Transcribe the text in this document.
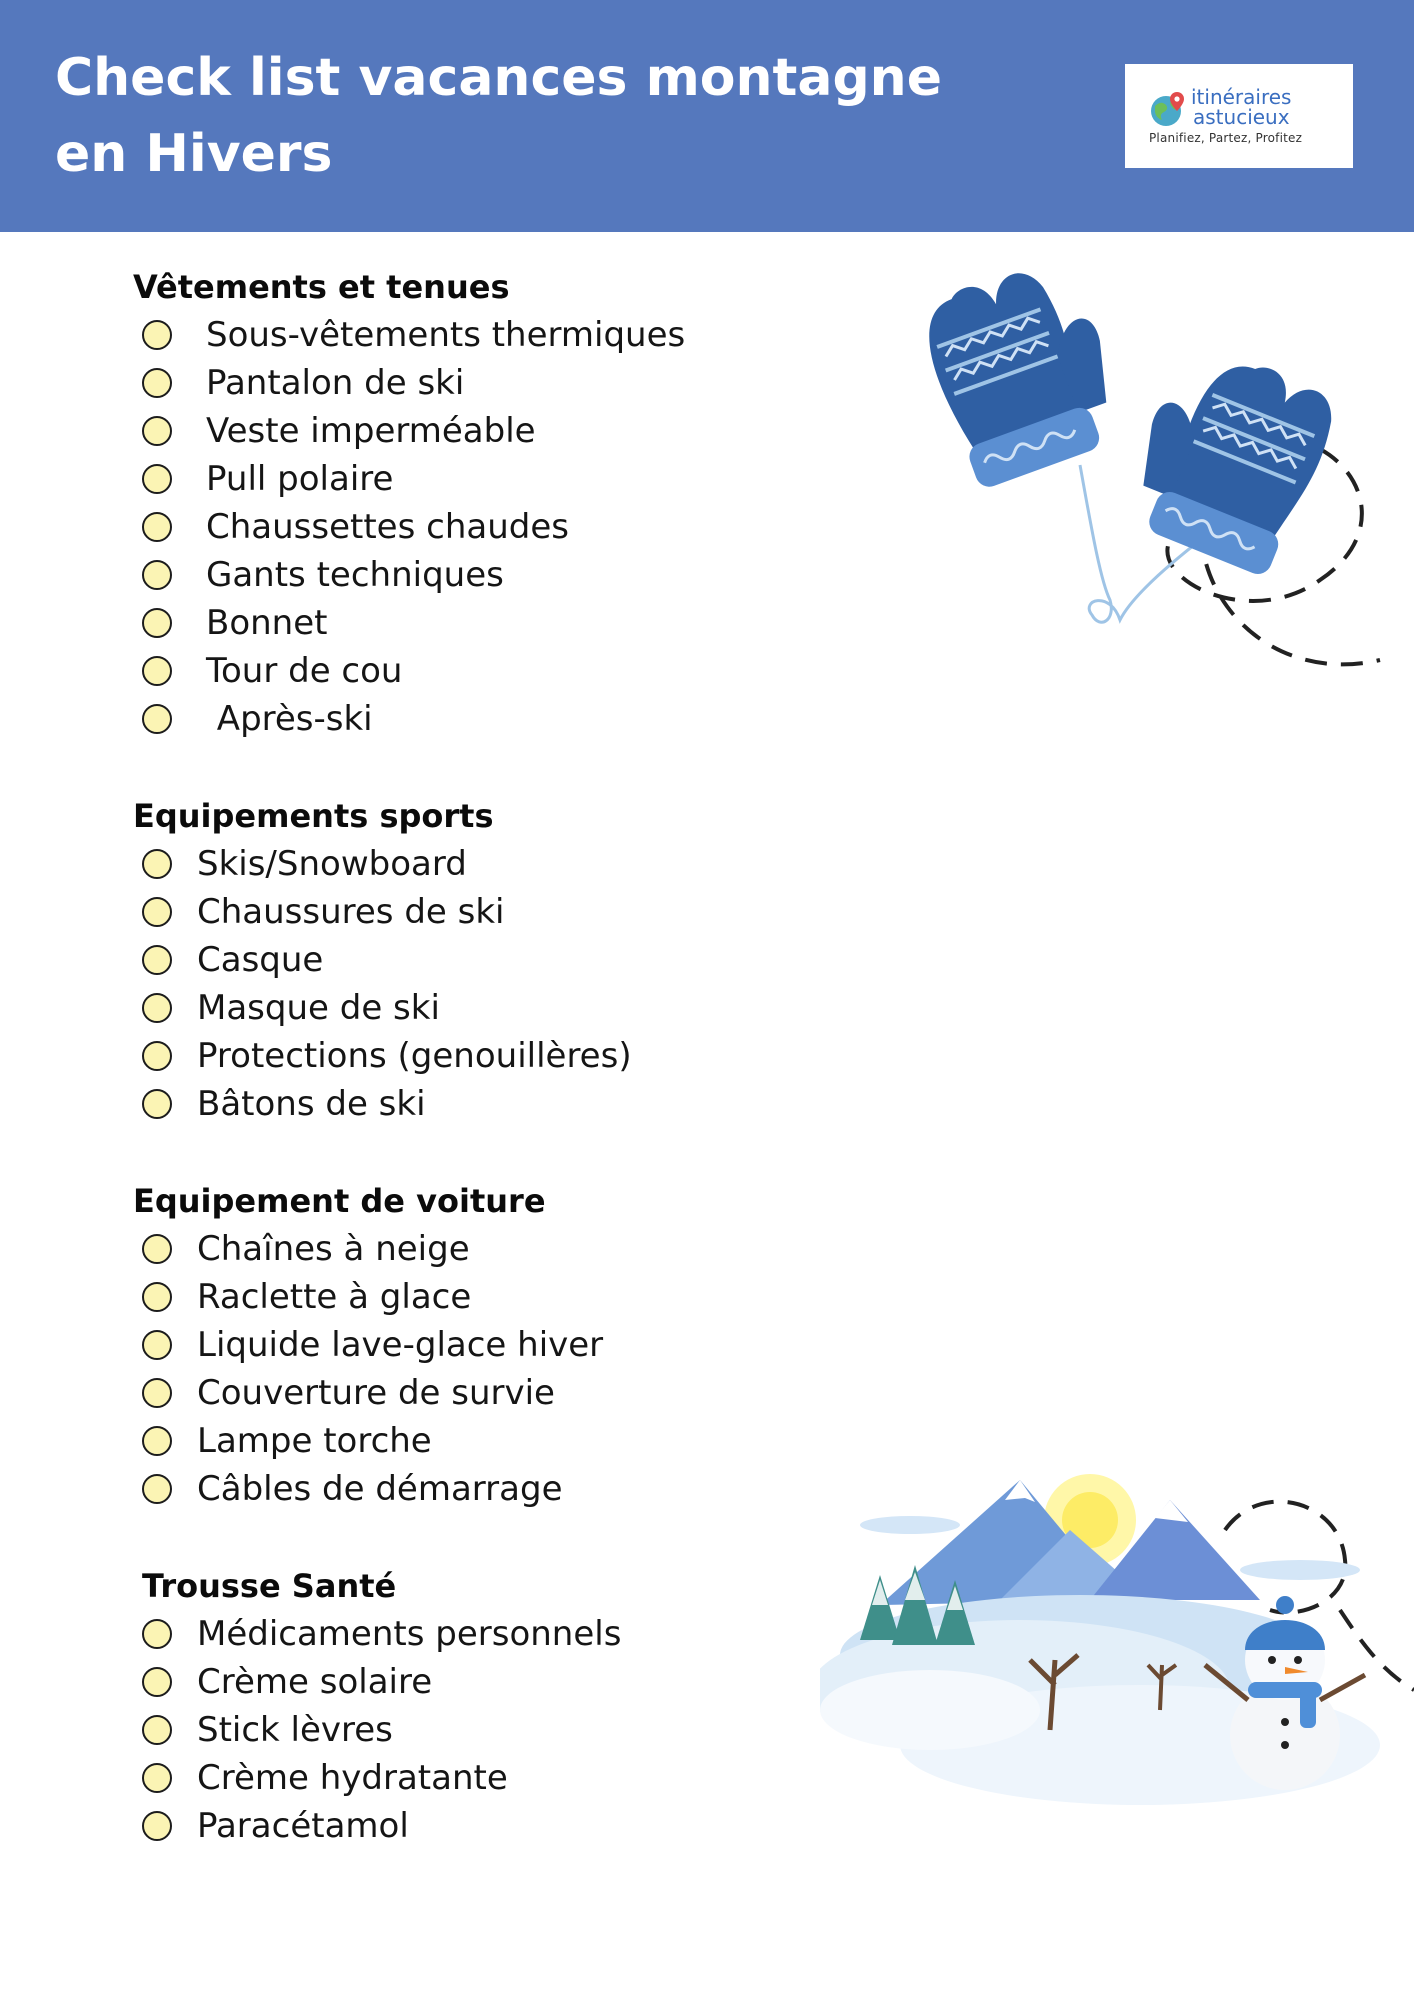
Check list vacances montagne
en Hivers
itinéraires
astucieux
Planifiez, Partez, Profitez
Vêtements et tenues
Sous-vêtements thermiques
Pantalon de ski
Veste imperméable
Pull polaire
Chaussettes chaudes
Gants techniques
Bonnet
Tour de cou
Après-ski
Equipements sports
Skis/Snowboard
Chaussures de ski
Casque
Masque de ski
Protections (genouillères)
Bâtons de ski
Equipement de voiture
Chaînes à neige
Raclette à glace
Liquide lave-glace hiver
Couverture de survie
Lampe torche
Câbles de démarrage
Trousse Santé
Médicaments personnels
Crème solaire
Stick lèvres
Crème hydratante
Paracétamol
